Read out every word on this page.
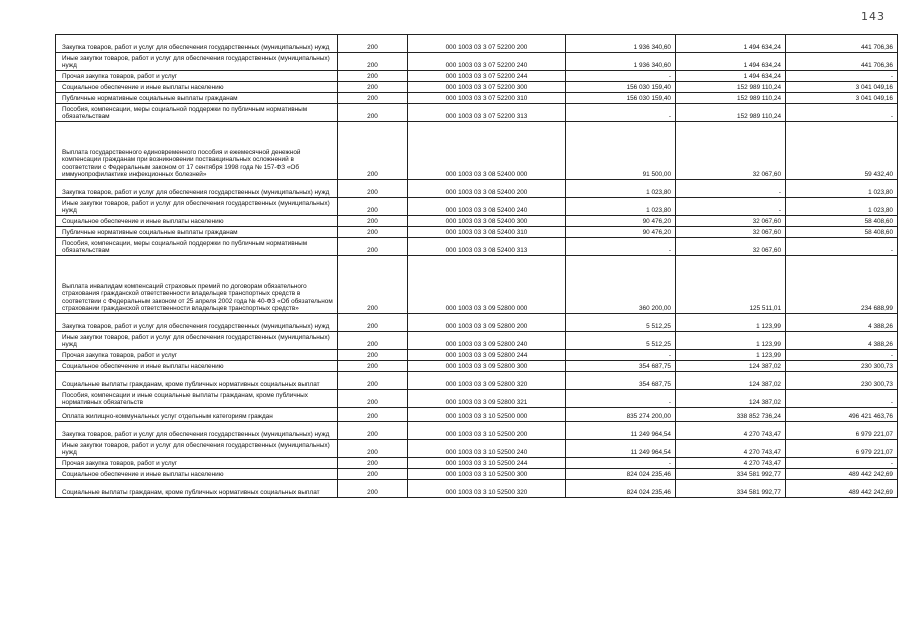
143
Закупка товаров, работ и услуг для обеспечения государственных (муниципальных) нужд	200	000 1003 03 3 07 52200 200	1 936 340,60	1 494 634,24	441 706,36
Иные закупки товаров, работ и услуг для обеспечения государственных (муниципальных) нужд	200	000 1003 03 3 07 52200 240	1 936 340,60	1 494 634,24	441 706,36
Прочая закупка товаров, работ и услуг	200	000 1003 03 3 07 52200 244	-	1 494 634,24	-
Социальное обеспечение и иные выплаты населению	200	000 1003 03 3 07 52200 300	156 030 159,40	152 989 110,24	3 041 049,16
Публичные нормативные социальные выплаты гражданам	200	000 1003 03 3 07 52200 310	156 030 159,40	152 989 110,24	3 041 049,16
Пособия, компенсации, меры социальной поддержки по публичным нормативным обязательствам	200	000 1003 03 3 07 52200 313	-	152 989 110,24	-
Выплата государственного единовременного пособия и ежемесячной денежной компенсации гражданам при возникновении поствакцинальных осложнений в соответствии с Федеральным законом от 17 сентября 1998 года № 157-ФЗ «Об иммунопрофилактике инфекционных болезней»	200	000 1003 03 3 08 52400 000	91 500,00	32 067,60	59 432,40
Закупка товаров, работ и услуг для обеспечения государственных (муниципальных) нужд	200	000 1003 03 3 08 52400 200	1 023,80	-	1 023,80
Иные закупки товаров, работ и услуг для обеспечения государственных (муниципальных) нужд	200	000 1003 03 3 08 52400 240	1 023,80	-	1 023,80
Социальное обеспечение и иные выплаты населению	200	000 1003 03 3 08 52400 300	90 476,20	32 067,60	58 408,60
Публичные нормативные социальные выплаты гражданам	200	000 1003 03 3 08 52400 310	90 476,20	32 067,60	58 408,60
Пособия, компенсации, меры социальной поддержки по публичным нормативным обязательствам	200	000 1003 03 3 08 52400 313	-	32 067,60	-
Выплата инвалидам компенсаций страховых премий по договорам обязательного страхования гражданской ответственности владельцев транспортных средств в соответствии с Федеральным законом от 25 апреля 2002 года № 40-ФЗ «Об обязательном страховании гражданской ответственности владельцев транспортных средств»	200	000 1003 03 3 09 52800 000	360 200,00	125 511,01	234 688,99
Закупка товаров, работ и услуг для обеспечения государственных (муниципальных) нужд	200	000 1003 03 3 09 52800 200	5 512,25	1 123,99	4 388,26
Иные закупки товаров, работ и услуг для обеспечения государственных (муниципальных) нужд	200	000 1003 03 3 09 52800 240	5 512,25	1 123,99	4 388,26
Прочая закупка товаров, работ и услуг	200	000 1003 03 3 09 52800 244	-	1 123,99	-
Социальное обеспечение и иные выплаты населению	200	000 1003 03 3 09 52800 300	354 687,75	124 387,02	230 300,73
Социальные выплаты гражданам, кроме публичных нормативных социальных выплат	200	000 1003 03 3 09 52800 320	354 687,75	124 387,02	230 300,73
Пособия, компенсации и иные социальные выплаты гражданам, кроме публичных нормативных обязательств	200	000 1003 03 3 09 52800 321	-	124 387,02	-
Оплата жилищно-коммунальных услуг отдельным категориям граждан	200	000 1003 03 3 10 52500 000	835 274 200,00	338 852 736,24	496 421 463,76
Закупка товаров, работ и услуг для обеспечения государственных (муниципальных) нужд	200	000 1003 03 3 10 52500 200	11 249 964,54	4 270 743,47	6 979 221,07
Иные закупки товаров, работ и услуг для обеспечения государственных (муниципальных) нужд	200	000 1003 03 3 10 52500 240	11 249 964,54	4 270 743,47	6 979 221,07
Прочая закупка товаров, работ и услуг	200	000 1003 03 3 10 52500 244	-	4 270 743,47	-
Социальное обеспечение и иные выплаты населению	200	000 1003 03 3 10 52500 300	824 024 235,46	334 581 992,77	489 442 242,69
Социальные выплаты гражданам, кроме публичных нормативных социальных выплат	200	000 1003 03 3 10 52500 320	824 024 235,46	334 581 992,77	489 442 242,69
